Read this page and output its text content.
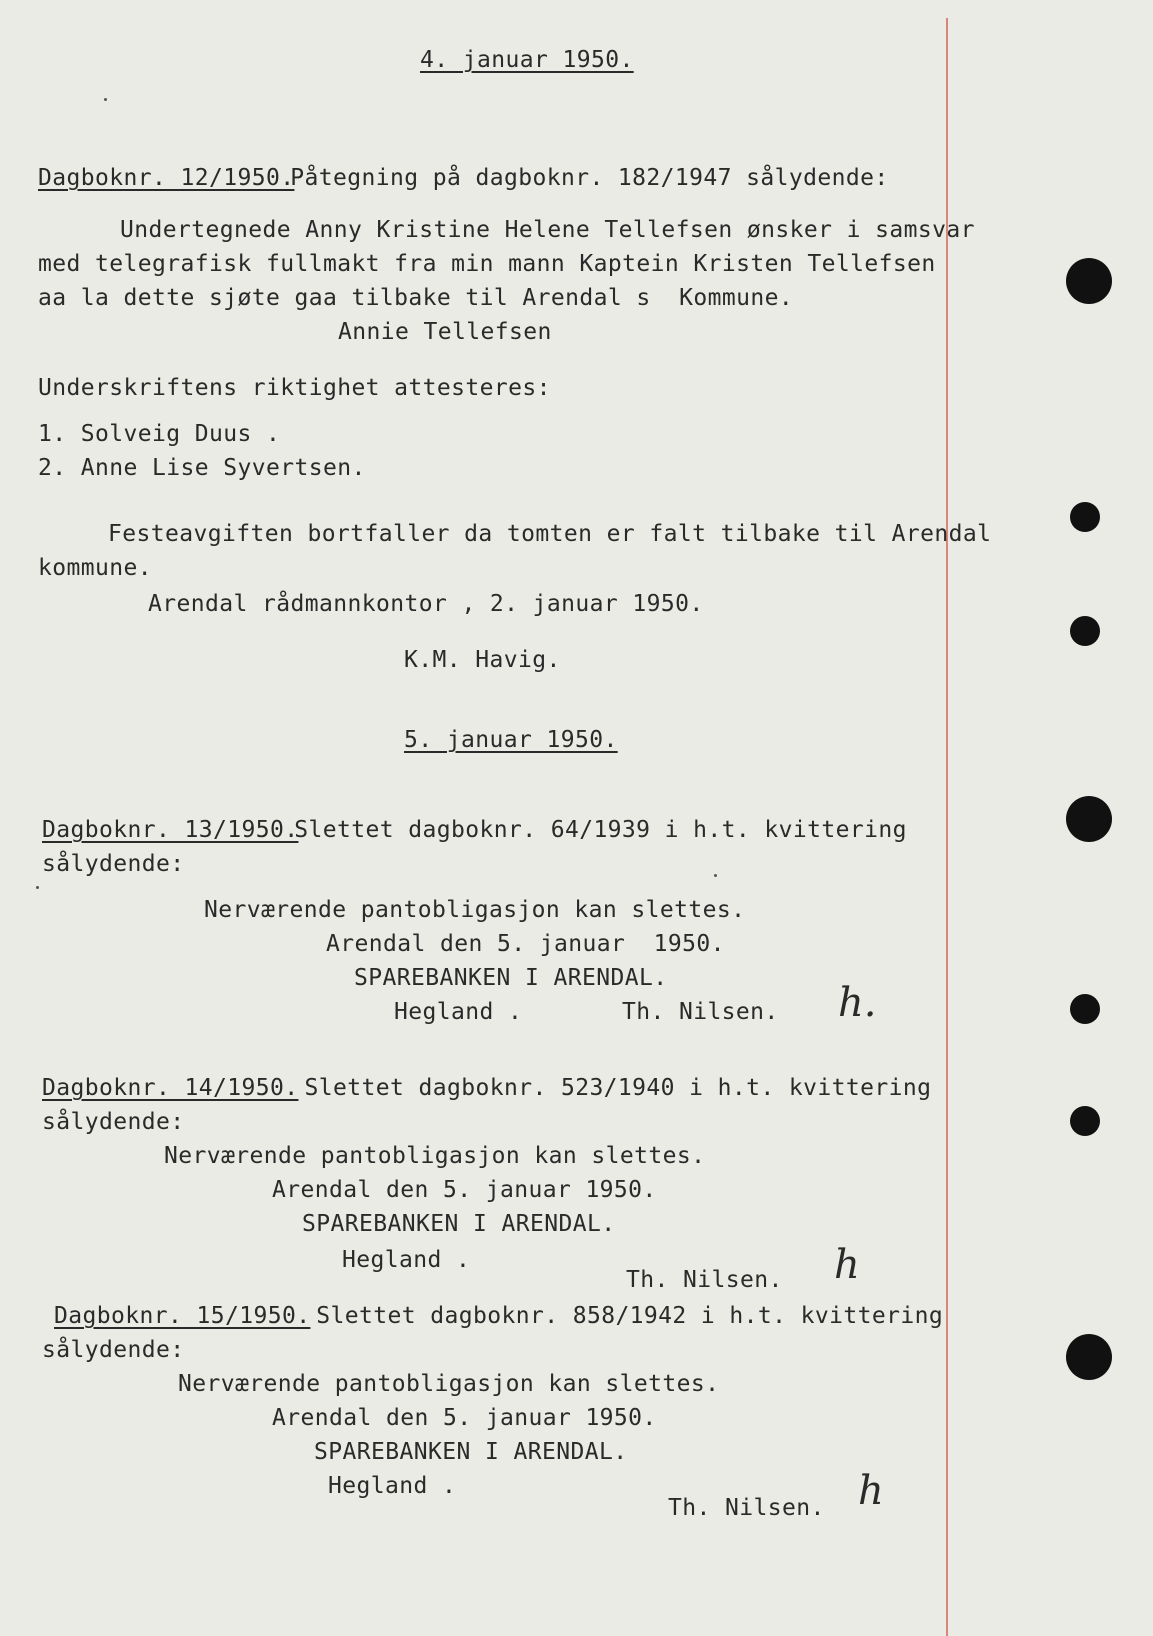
4. januar 1950.
Dagboknr. 12/1950.
Påtegning på dagboknr. 182/1947 sålydende:
Undertegnede Anny Kristine Helene Tellefsen ønsker i samsvar
med telegrafisk fullmakt fra min mann Kaptein Kristen Tellefsen
aa la dette sjøte gaa tilbake til Arendal s  Kommune.
Annie Tellefsen
Underskriftens riktighet attesteres:
1. Solveig Duus .
2. Anne Lise Syvertsen.
Festeavgiften bortfaller da tomten er falt tilbake til Arendal
kommune.
Arendal rådmannkontor , 2. januar 1950.
K.M. Havig.
5. januar 1950.
Dagboknr. 13/1950.
Slettet dagboknr. 64/1939 i h.t. kvittering
sålydende:
Nerværende pantobligasjon kan slettes.
Arendal den 5. januar  1950.
SPAREBANKEN I ARENDAL.
Hegland .       Th. Nilsen. h.
Dagboknr. 14/1950.
Slettet dagboknr. 523/1940 i h.t. kvittering
sålydende:
Nerværende pantobligasjon kan slettes.
Arendal den 5. januar 1950.
SPAREBANKEN I ARENDAL.
Hegland .
Th. Nilsen. h
Dagboknr. 15/1950.
Slettet dagboknr. 858/1942 i h.t. kvittering
sålydende:
Nerværende pantobligasjon kan slettes.
Arendal den 5. januar 1950.
SPAREBANKEN I ARENDAL.
Hegland .
Th. Nilsen. h
